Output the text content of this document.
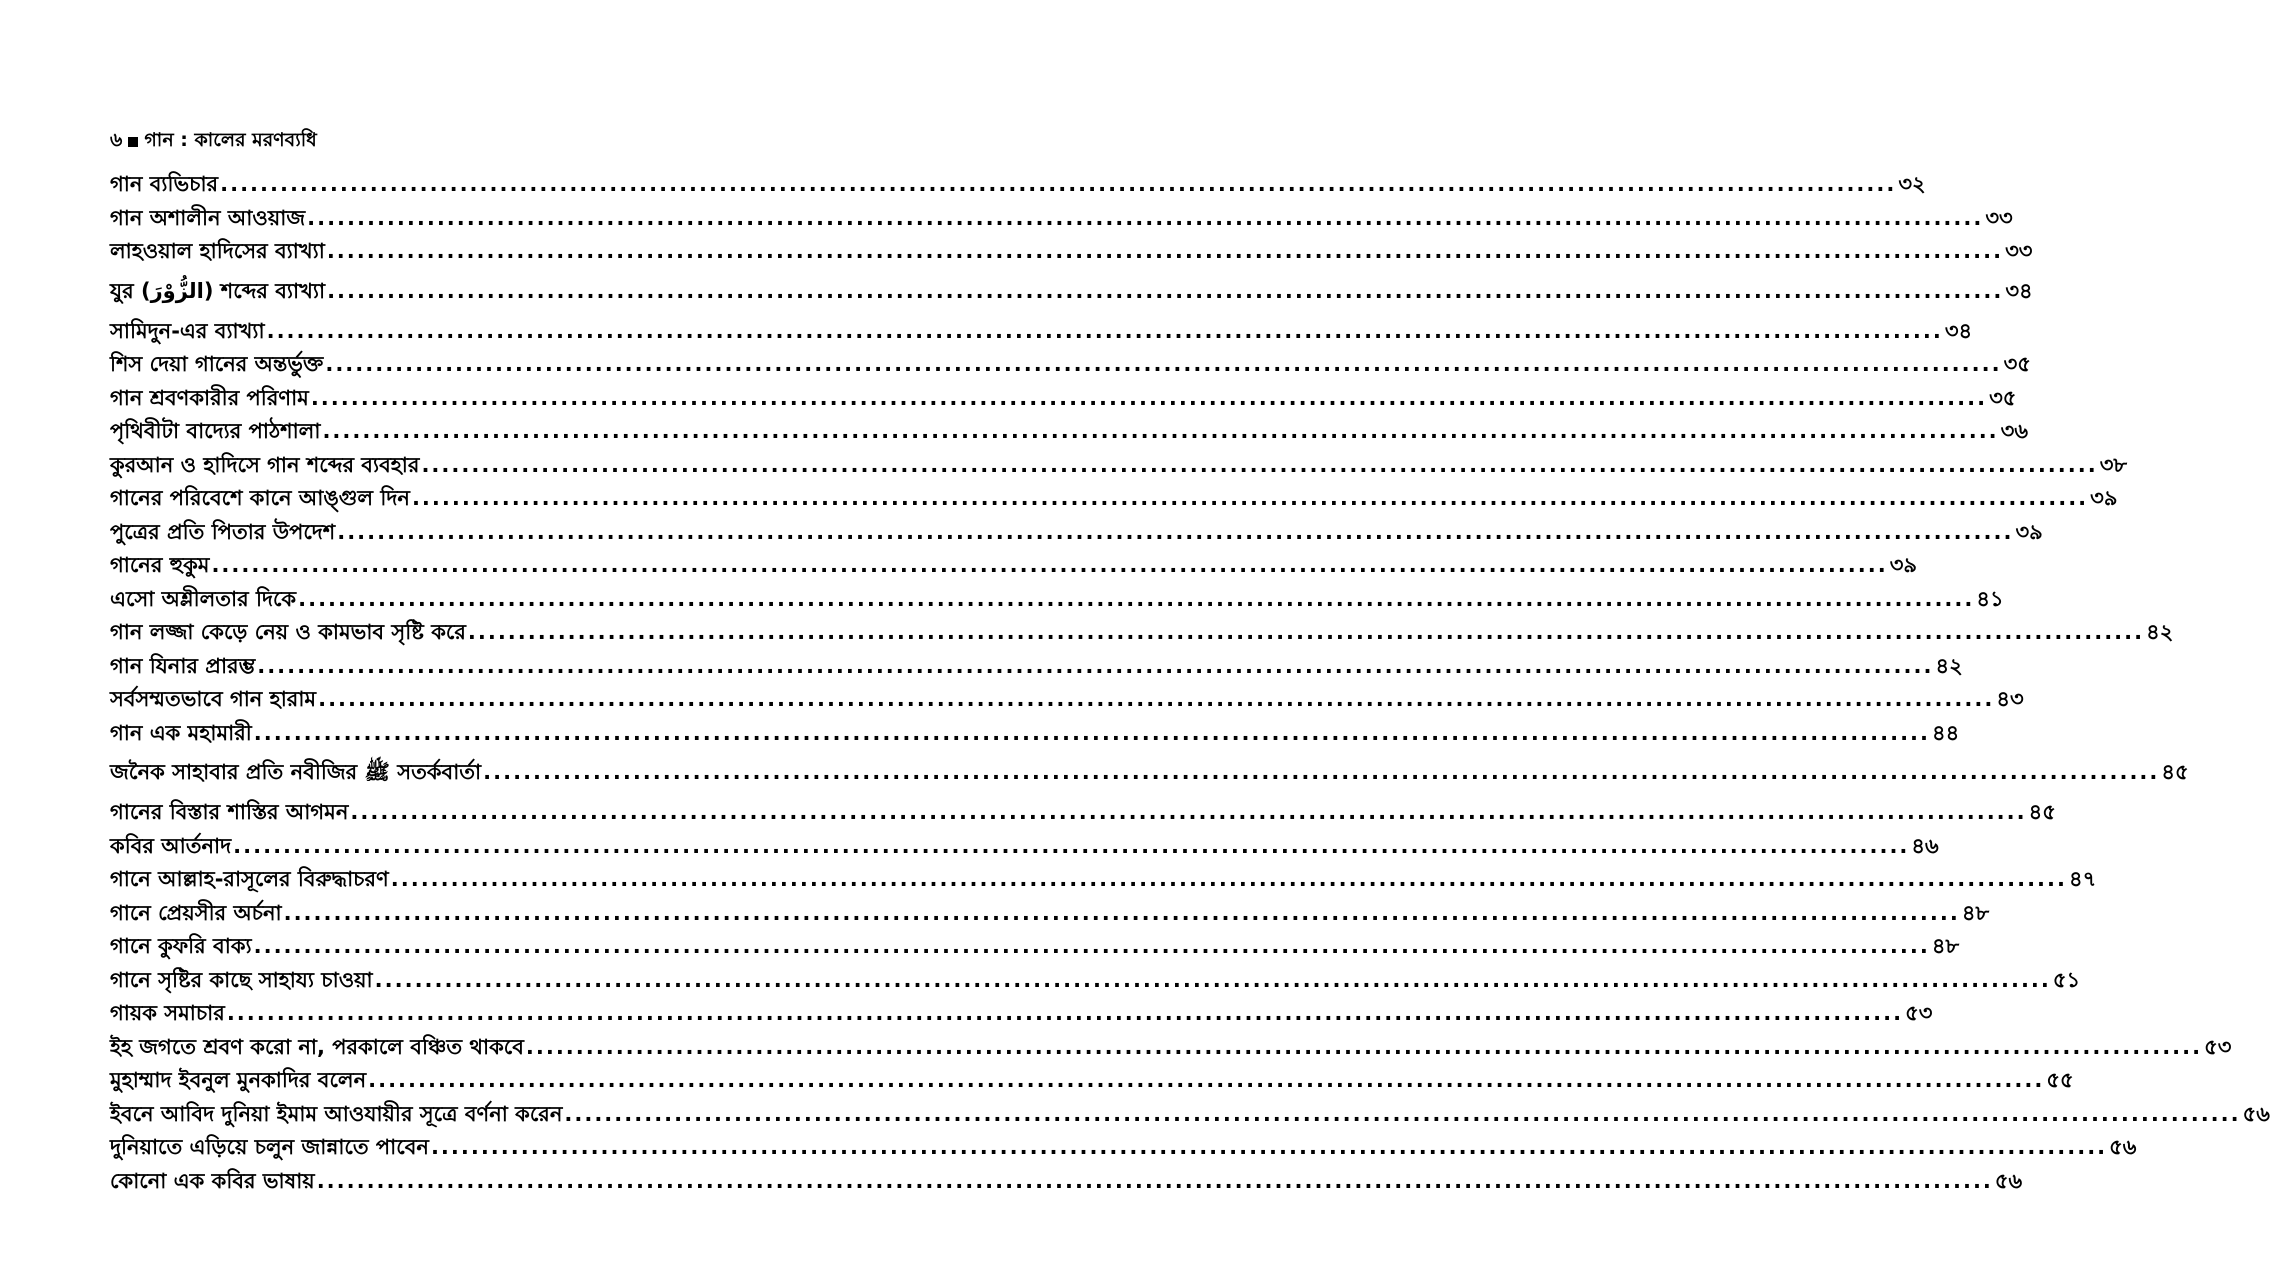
৬ গান : কালের মরণব্যধি
গান ব্যভিচার .....	৩২
গান অশালীন আওয়াজ .....	৩৩
লাহওয়াল হাদিসের ব্যাখ্যা .....	৩৩
যুর (الزُّوْرَ) শব্দের ব্যাখ্যা .....	৩৪
সামিদুন-এর ব্যাখ্যা .....	৩৪
শিস দেয়া গানের অন্তর্ভুক্ত .....	৩৫
গান শ্রবণকারীর পরিণাম .....	৩৫
পৃথিবীটা বাদ্যের পাঠশালা .....	৩৬
কুরআন ও হাদিসে গান শব্দের ব্যবহার .....	৩৮
গানের পরিবেশে কানে আঙ্গুল দিন .....	৩৯
পুত্রের প্রতি পিতার উপদেশ .....	৩৯
গানের হুকুম .....	৩৯
এসো অশ্লীলতার দিকে .....	৪১
গান লজ্জা কেড়ে নেয় ও কামভাব সৃষ্টি করে .....	৪২
গান যিনার প্রারম্ভ .....	৪২
সর্বসম্মতভাবে গান হারাম .....	৪৩
গান এক মহামারী .....	৪৪
জনৈক সাহাবার প্রতি নবীজির ﷺ সতর্কবার্তা .....	৪৫
গানের বিস্তার শাস্তির আগমন .....	৪৫
কবির আর্তনাদ .....	৪৬
গানে আল্লাহ-রাসূলের বিরুদ্ধাচরণ .....	৪৭
গানে প্রেয়সীর অর্চনা .....	৪৮
গানে কুফরি বাক্য .....	৪৮
গানে সৃষ্টির কাছে সাহায্য চাওয়া .....	৫১
গায়ক সমাচার .....	৫৩
ইহ জগতে শ্রবণ করো না, পরকালে বঞ্চিত থাকবে .....	৫৩
মুহাম্মাদ ইবনুল মুনকাদির বলেন .....	৫৫
ইবনে আবিদ দুনিয়া ইমাম আওযায়ীর সূত্রে বর্ণনা করেন .....	৫৬
দুনিয়াতে এড়িয়ে চলুন জান্নাতে পাবেন .....	৫৬
কোনো এক কবির ভাষায় .....	৫৬
